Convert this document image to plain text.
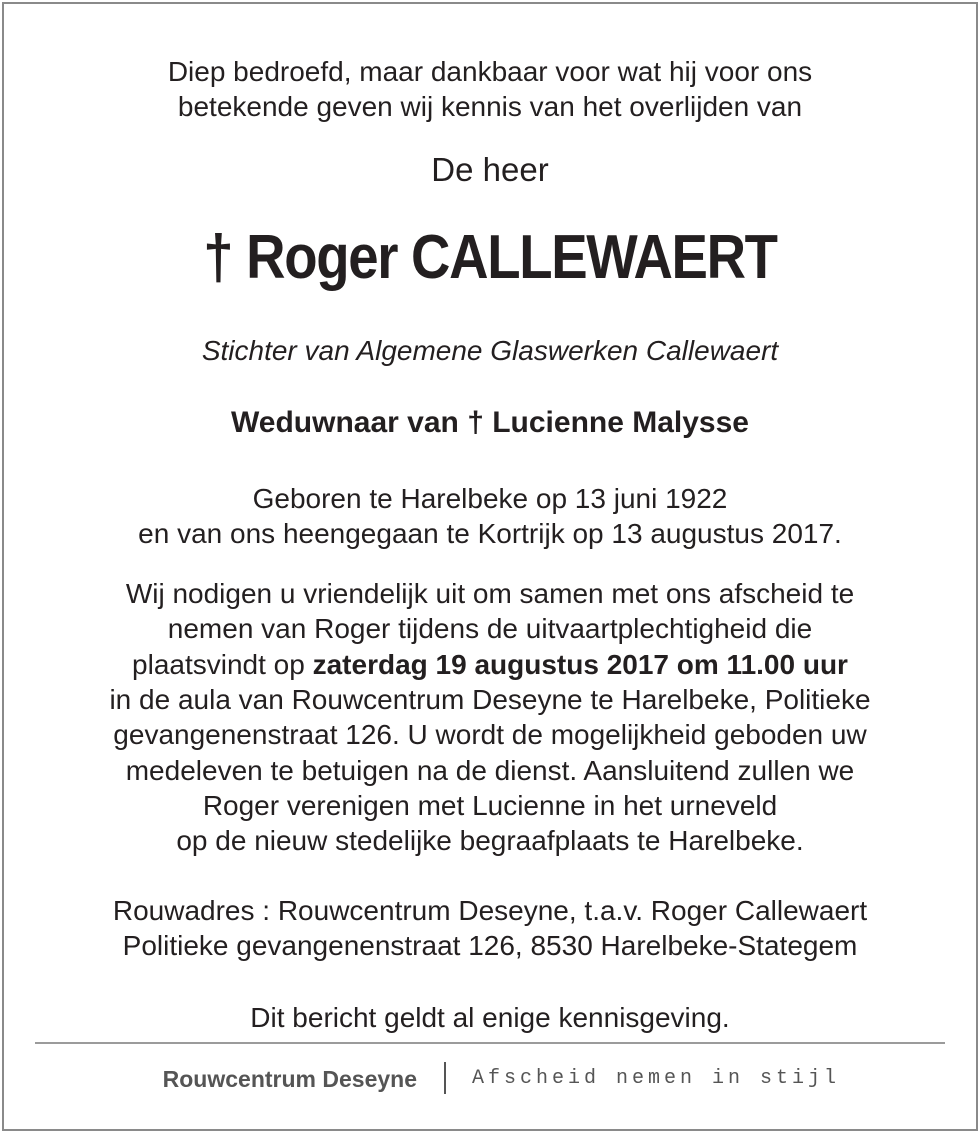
Diep bedroefd, maar dankbaar voor wat hij voor ons
betekende geven wij kennis van het overlijden van
De heer
† Roger CALLEWAERT
Stichter van Algemene Glaswerken Callewaert
Weduwnaar van † Lucienne Malysse
Geboren te Harelbeke op 13 juni 1922
en van ons heengegaan te Kortrijk op 13 augustus 2017.
Wij nodigen u vriendelijk uit om samen met ons afscheid te
nemen van Roger tijdens de uitvaartplechtigheid die
plaatsvindt op zaterdag 19 augustus 2017 om 11.00 uur
in de aula van Rouwcentrum Deseyne te Harelbeke, Politieke
gevangenenstraat 126. U wordt de mogelijkheid geboden uw
medeleven te betuigen na de dienst. Aansluitend zullen we
Roger verenigen met Lucienne in het urneveld
op de nieuw stedelijke begraafplaats te Harelbeke.
Rouwadres : Rouwcentrum Deseyne, t.a.v. Roger Callewaert
Politieke gevangenenstraat 126, 8530 Harelbeke-Stategem
Dit bericht geldt al enige kennisgeving.
Rouwcentrum Deseyne	Afscheid nemen in stijl
